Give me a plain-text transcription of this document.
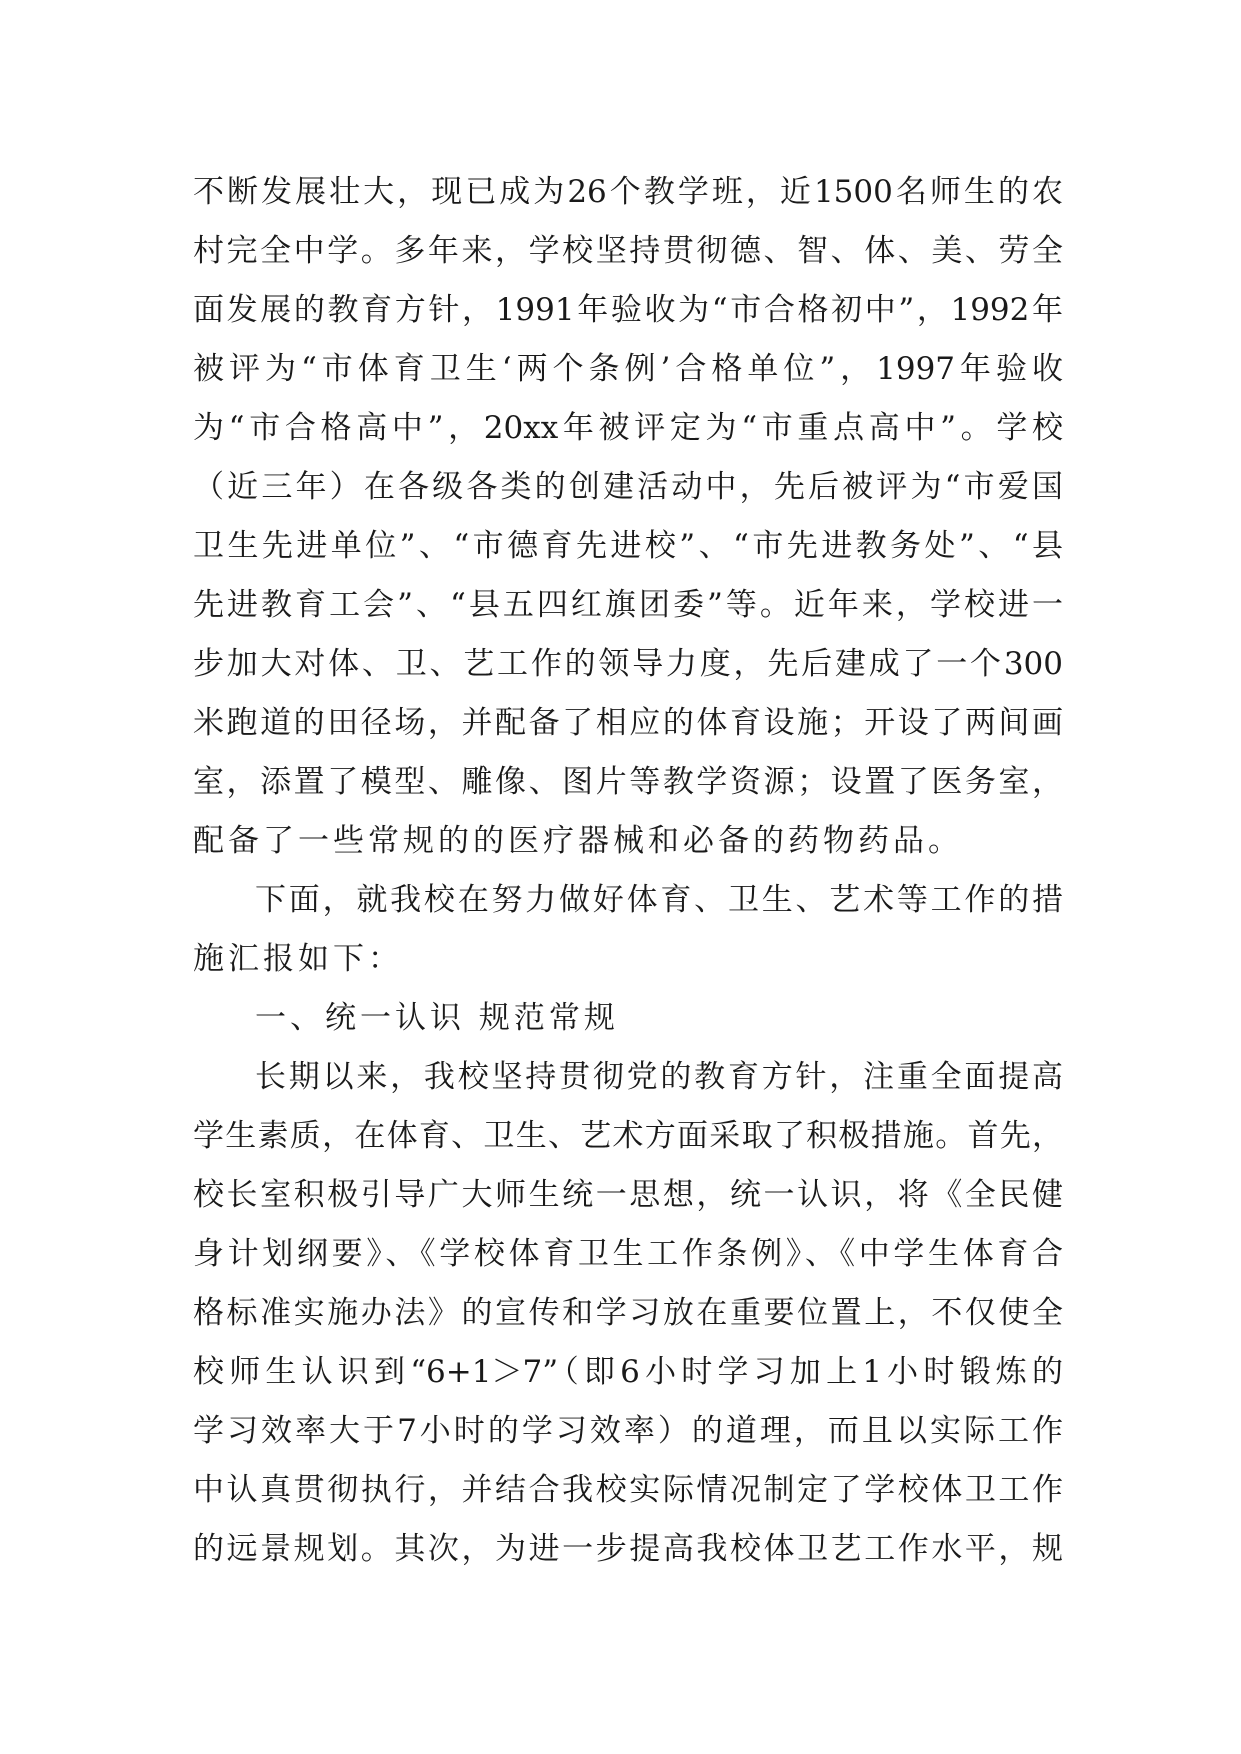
不断发展壮大，现已成为26个教学班，近1500名师生的农
村完全中学。多年来，学校坚持贯彻德、智、体、美、劳全
面发展的教育方针，1991年验收为“市合格初中”，1992年
被评为“市体育卫生‘两个条例’合格单位”，1997年验收
为“市合格高中”，20xx年被评定为“市重点高中”。学校
（近三年）在各级各类的创建活动中，先后被评为“市爱国
卫生先进单位”、“市德育先进校”、“市先进教务处”、“县
先进教育工会”、“县五四红旗团委”等。近年来，学校进一
步加大对体、卫、艺工作的领导力度，先后建成了一个300
米跑道的田径场，并配备了相应的体育设施；开设了两间画
室，添置了模型、雕像、图片等教学资源；设置了医务室，
配备了一些常规的的医疗器械和必备的药物药品。
下面，就我校在努力做好体育、卫生、艺术等工作的措
施汇报如下：
一、统一认识 规范常规
长期以来，我校坚持贯彻党的教育方针，注重全面提高
学生素质，在体育、卫生、艺术方面采取了积极措施。首先，
校长室积极引导广大师生统一思想，统一认识，将《全民健
身计划纲要》、《学校体育卫生工作条例》、《中学生体育合
格标准实施办法》的宣传和学习放在重要位置上，不仅使全
校师生认识到“6+1＞7”（即6小时学习加上1小时锻炼的
学习效率大于7小时的学习效率）的道理，而且以实际工作
中认真贯彻执行，并结合我校实际情况制定了学校体卫工作
的远景规划。其次，为进一步提高我校体卫艺工作水平，规
